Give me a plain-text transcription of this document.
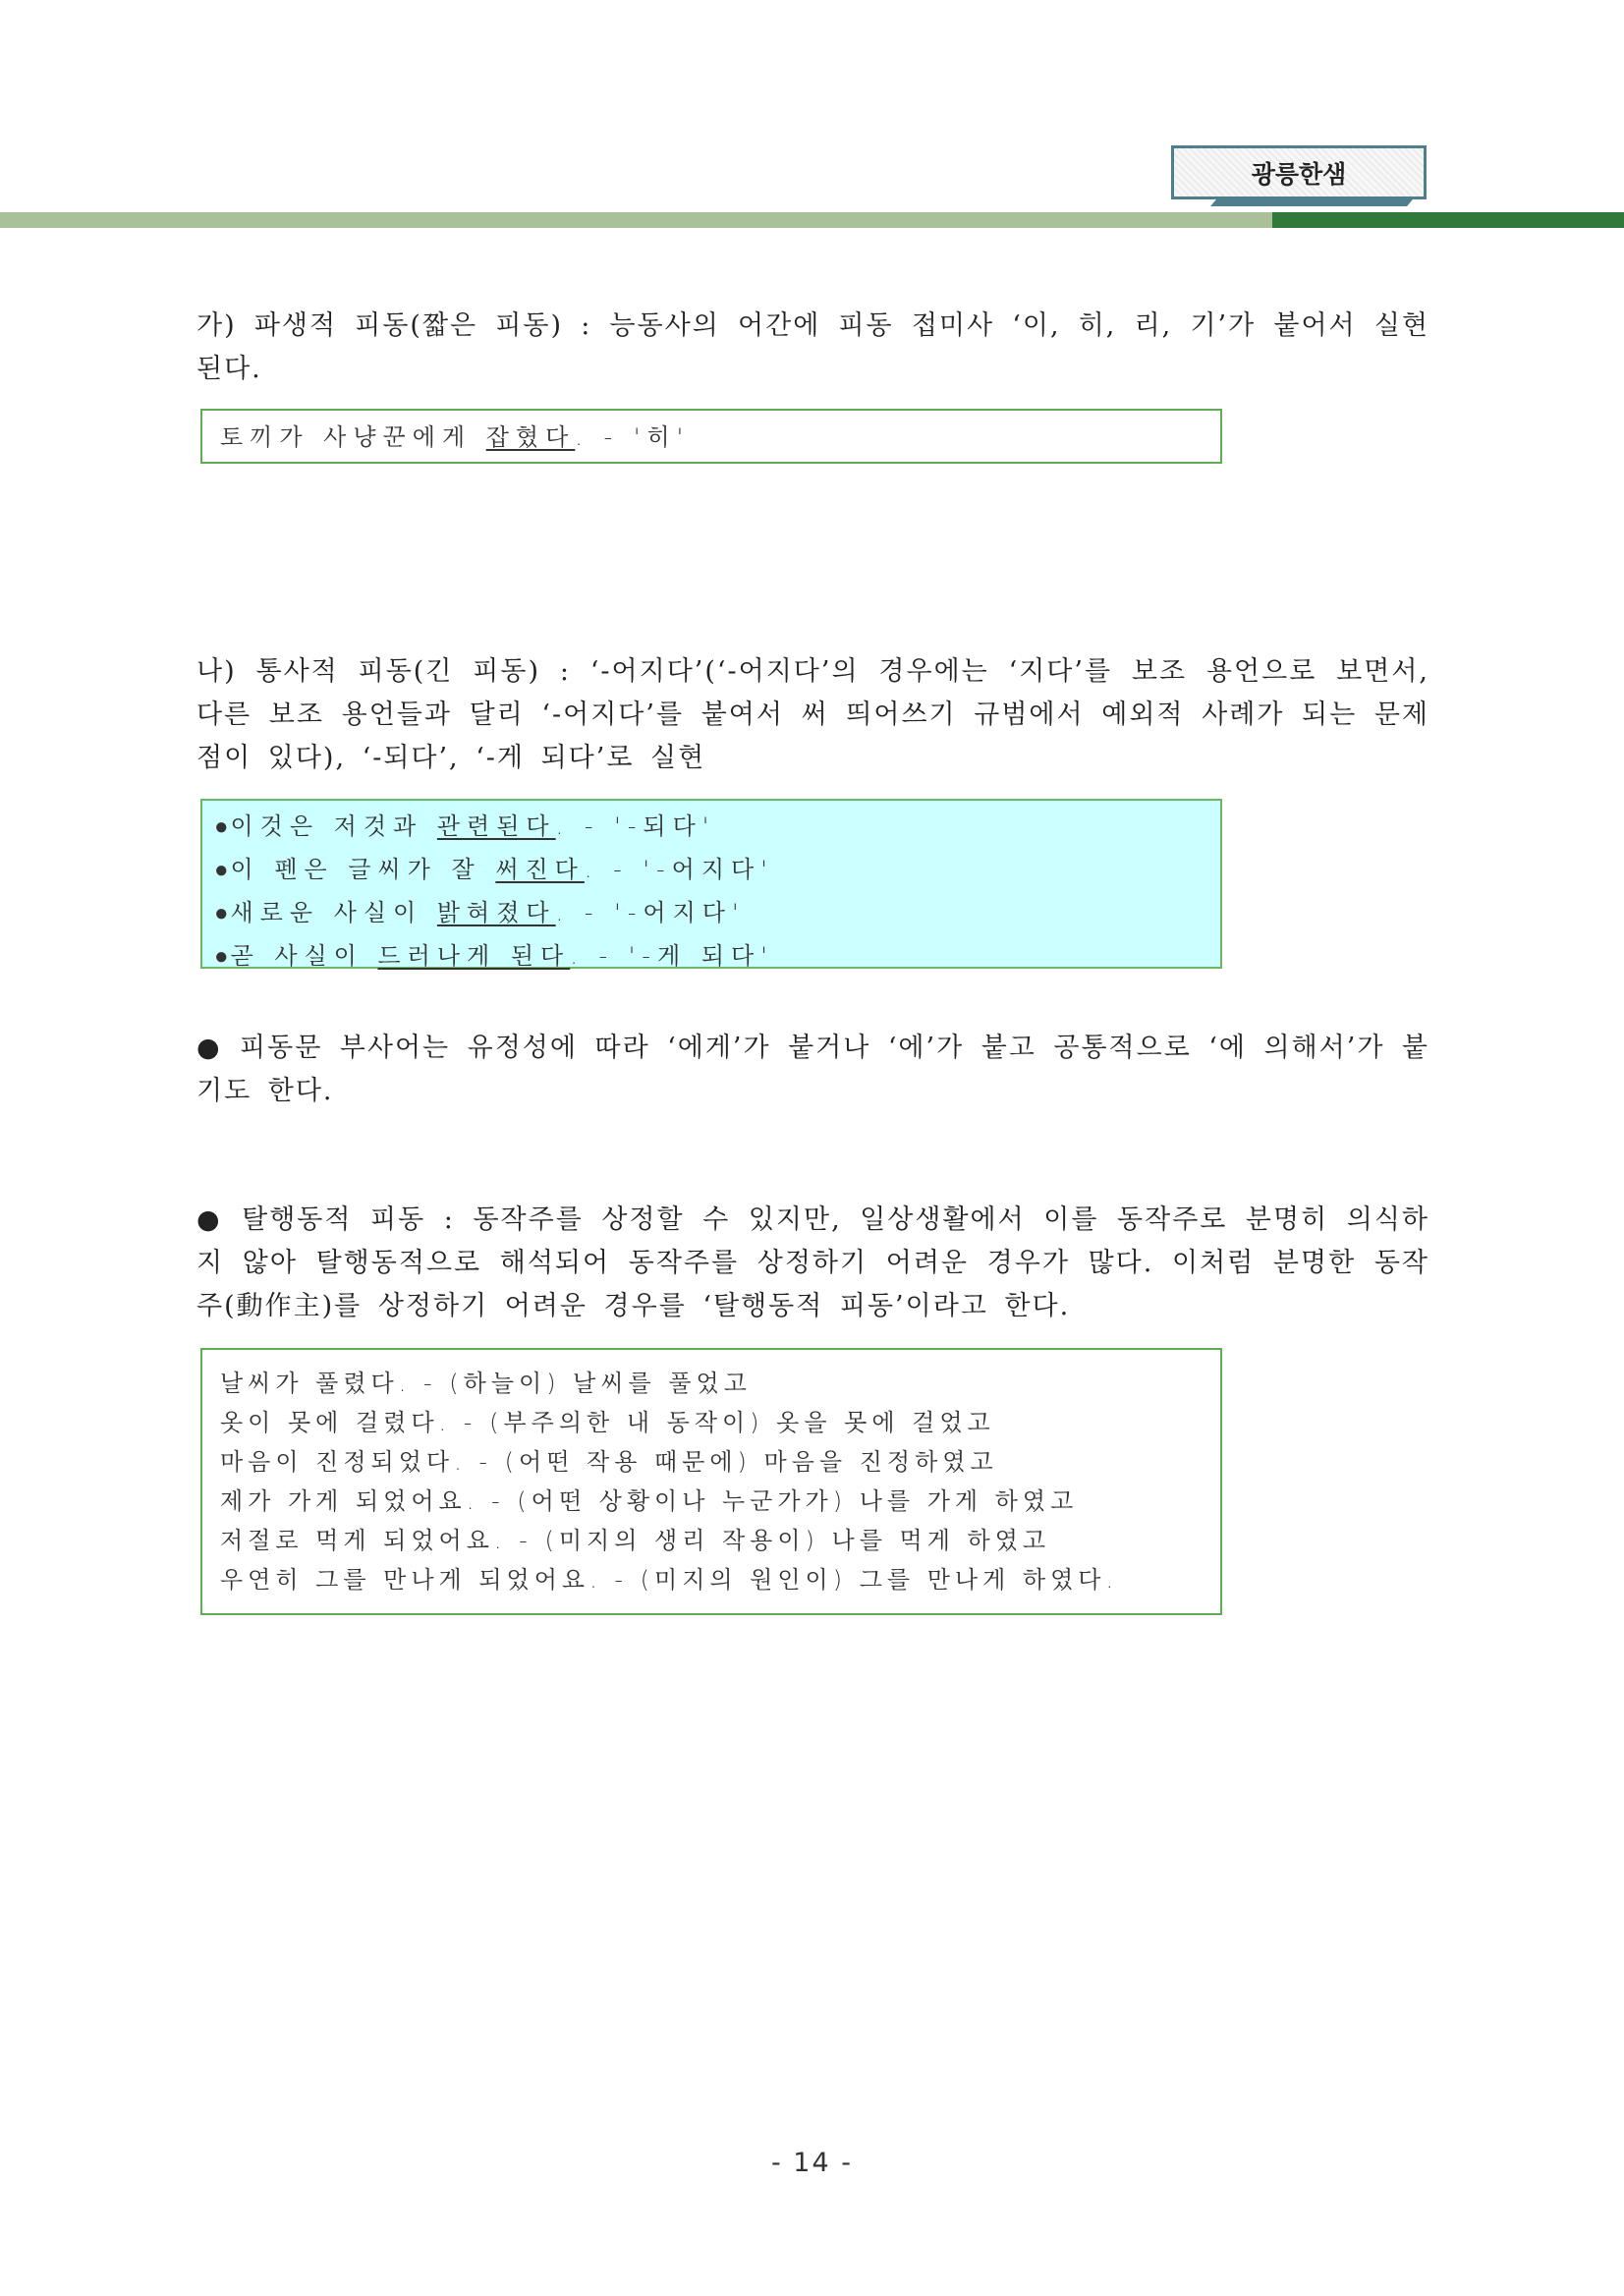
광릉한샘

가) 파생적 피동(짧은 피동) : 능동사의 어간에 피동 접미사 ‘이, 히, 리, 기’가 붙어서 실현 된다.

토끼가 사냥꾼에게 잡혔다. - '히'

나) 통사적 피동(긴 피동) : ‘-어지다’(‘-어지다’의 경우에는 ‘지다’를 보조 용언으로 보면서, 다른 보조 용언들과 달리 ‘-어지다’를 붙여서 써 띄어쓰기 규범에서 예외적 사례가 되는 문제점이 있다), ‘-되다’, ‘-게 되다’로 실현

●이것은 저것과 관련된다. - '-되다'
●이 펜은 글씨가 잘 써진다. - '-어지다'
●새로운 사실이 밝혀졌다. - '-어지다'
●곧 사실이 드러나게 된다. - '-게 되다'

● 피동문 부사어는 유정성에 따라 ‘에게’가 붙거나 ‘에’가 붙고 공통적으로 ‘에 의해서’가 붙기도 한다.

● 탈행동적 피동 : 동작주를 상정할 수 있지만, 일상생활에서 이를 동작주로 분명히 의식하지 않아 탈행동적으로 해석되어 동작주를 상정하기 어려운 경우가 많다. 이처럼 분명한 동작주(動作主)를 상정하기 어려운 경우를 ‘탈행동적 피동’이라고 한다.

날씨가 풀렸다. - (하늘이) 날씨를 풀었고
옷이 못에 걸렸다. - (부주의한 내 동작이) 옷을 못에 걸었고
마음이 진정되었다. - (어떤 작용 때문에) 마음을 진정하였고
제가 가게 되었어요. - (어떤 상황이나 누군가가) 나를 가게 하였고
저절로 먹게 되었어요. - (미지의 생리 작용이) 나를 먹게 하였고
우연히 그를 만나게 되었어요. - (미지의 원인이) 그를 만나게 하였다.
- 14 -
